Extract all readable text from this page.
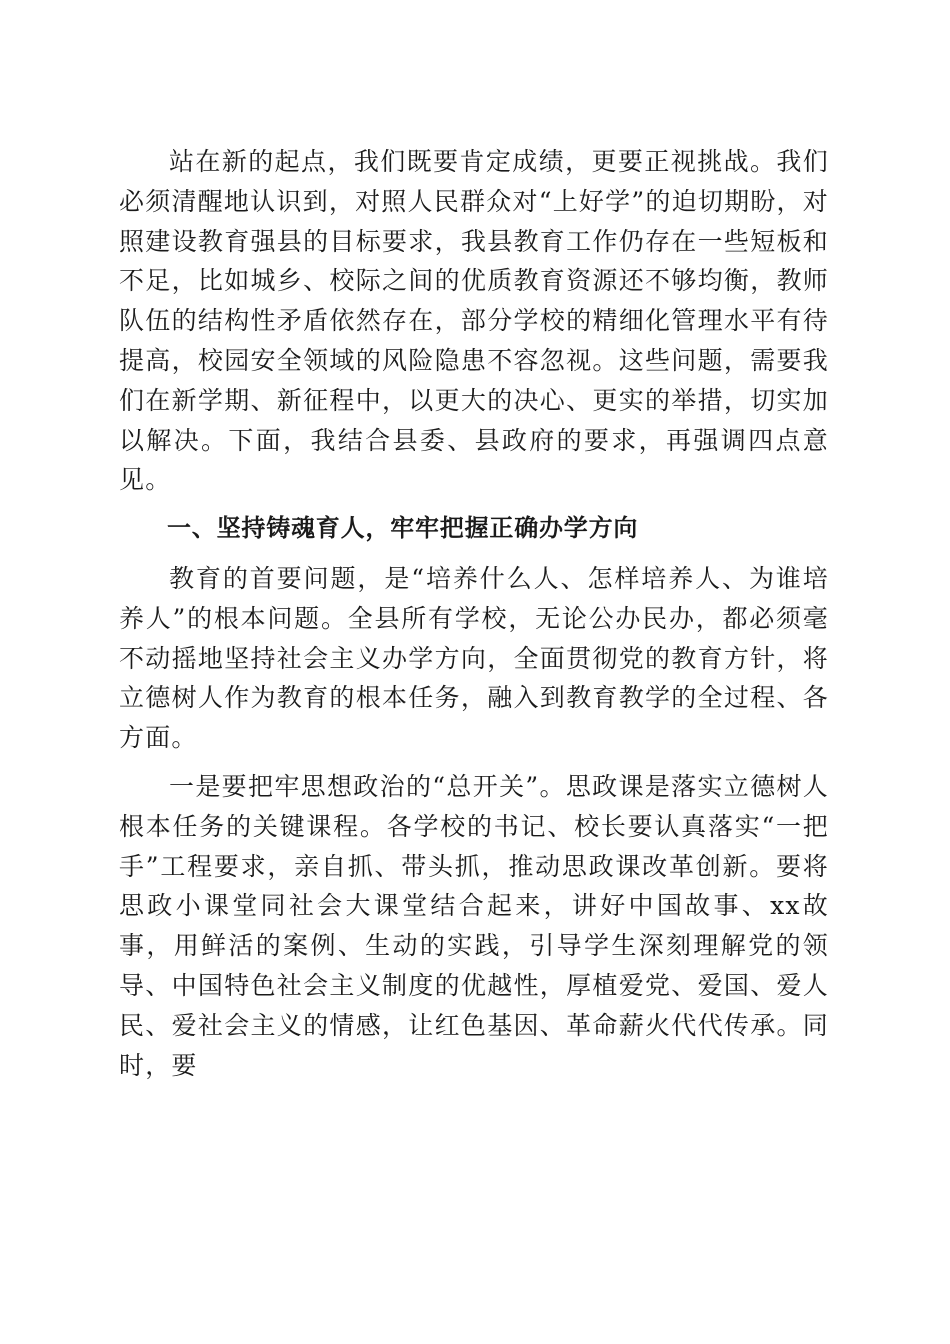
站在新的起点，我们既要肯定成绩，更要正视挑战。我们必须清醒地认识到，对照人民群众对“上好学”的迫切期盼，对照建设教育强县的目标要求，我县教育工作仍存在一些短板和不足，比如城乡、校际之间的优质教育资源还不够均衡，教师队伍的结构性矛盾依然存在，部分学校的精细化管理水平有待提高，校园安全领域的风险隐患不容忽视。这些问题，需要我们在新学期、新征程中，以更大的决心、更实的举措，切实加以解决。下面，我结合县委、县政府的要求，再强调四点意见。

一、坚持铸魂育人，牢牢把握正确办学方向

教育的首要问题，是“培养什么人、怎样培养人、为谁培养人”的根本问题。全县所有学校，无论公办民办，都必须毫不动摇地坚持社会主义办学方向，全面贯彻党的教育方针，将立德树人作为教育的根本任务，融入到教育教学的全过程、各方面。

一是要把牢思想政治的“总开关”。思政课是落实立德树人根本任务的关键课程。各学校的书记、校长要认真落实“一把手”工程要求，亲自抓、带头抓，推动思政课改革创新。要将思政小课堂同社会大课堂结合起来，讲好中国故事、xx故事，用鲜活的案例、生动的实践，引导学生深刻理解党的领导、中国特色社会主义制度的优越性，厚植爱党、爱国、爱人民、爱社会主义的情感，让红色基因、革命薪火代代传承。同时，要
